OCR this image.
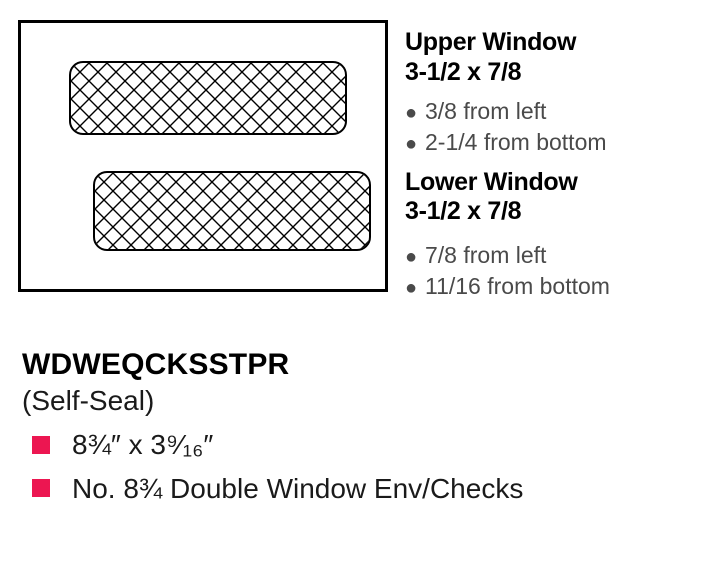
Upper Window
3-1/2 x 7/8
● 3/8 from left
● 2-1/4 from bottom
Lower Window
3-1/2 x 7/8
● 7/8 from left
● 11/16 from bottom
WDWEQCKSSTPR
(Self-Seal)
8¾″ x 3⁹⁄₁₆″
No. 8¾ Double Window Env/Checks
